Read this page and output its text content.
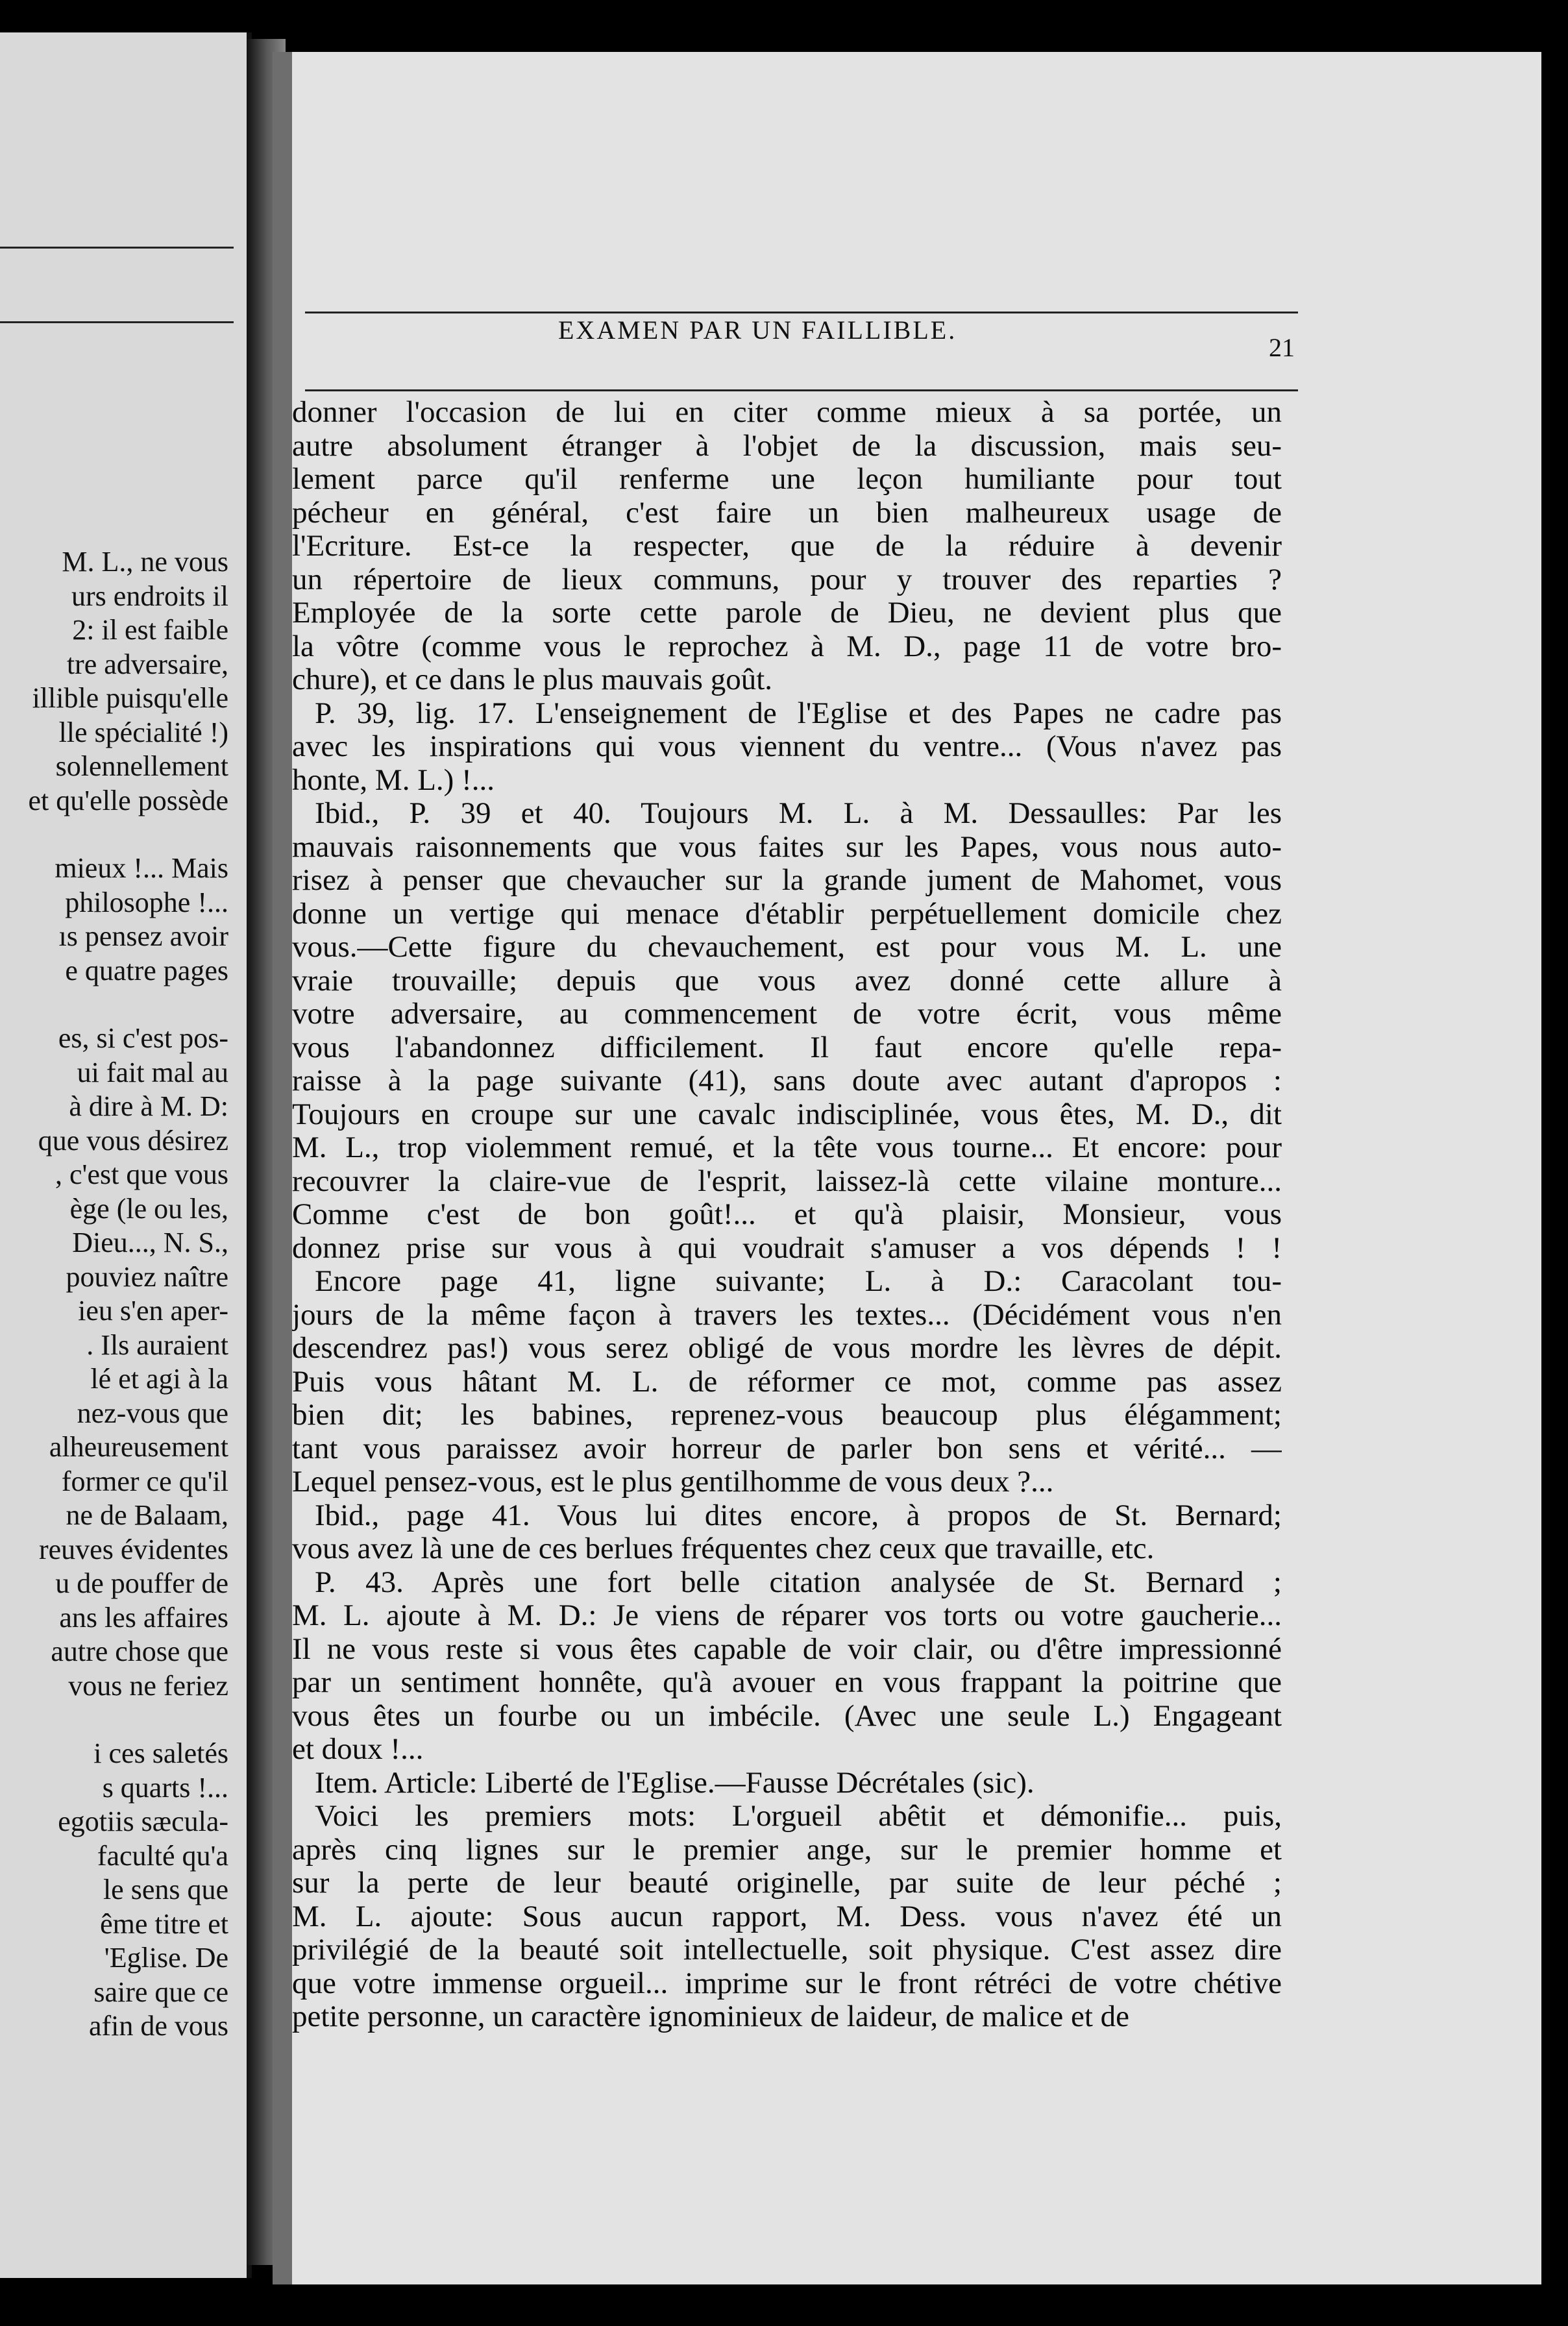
M. L., ne vous
urs endroits il
2: il est faible
tre adversaire,
illible puisqu'elle
lle spécialité !)
solennellement
et qu'elle possède
mieux !... Mais
philosophe !...
ıs pensez avoir
e quatre pages
es, si c'est pos-
ui fait mal au
à dire à M. D:
que vous désirez
, c'est que vous
ège (le ou les,
Dieu..., N. S.,
pouviez naître
ieu s'en aper-
. Ils auraient
lé et agi à la
nez-vous que
alheureusement
former ce qu'il
ne de Balaam,
reuves évidentes
u de pouffer de
ans les affaires
autre chose que
vous ne feriez
i ces saletés
s quarts !...
egotiis sæcula-
faculté qu'a
le sens que
ême titre et
'Eglise. De
saire que ce
afin de vous
EXAMEN PAR UN FAILLIBLE.
21
donner l'occasion de lui en citer comme mieux à sa portée, un
autre absolument étranger à l'objet de la discussion, mais seu-
lement parce qu'il renferme une leçon humiliante pour tout
pécheur en général, c'est faire un bien malheureux usage de
l'Ecriture. Est-ce la respecter, que de la réduire à devenir
un répertoire de lieux communs, pour y trouver des reparties ?
Employée de la sorte cette parole de Dieu, ne devient plus que
la vôtre (comme vous le reprochez à M. D., page 11 de votre bro-
chure), et ce dans le plus mauvais goût.
P. 39, lig. 17. L'enseignement de l'Eglise et des Papes ne cadre pas
avec les inspirations qui vous viennent du ventre... (Vous n'avez pas
honte, M. L.) !...
Ibid., P. 39 et 40. Toujours M. L. à M. Dessaulles: Par les
mauvais raisonnements que vous faites sur les Papes, vous nous auto-
risez à penser que chevaucher sur la grande jument de Mahomet, vous
donne un vertige qui menace d'établir perpétuellement domicile chez
vous.—Cette figure du chevauchement, est pour vous M. L. une
vraie trouvaille; depuis que vous avez donné cette allure à
votre adversaire, au commencement de votre écrit, vous même
vous l'abandonnez difficilement. Il faut encore qu'elle repa-
raisse à la page suivante (41), sans doute avec autant d'apropos :
Toujours en croupe sur une cavalc indisciplinée, vous êtes, M. D., dit
M. L., trop violemment remué, et la tête vous tourne... Et encore: pour
recouvrer la claire-vue de l'esprit, laissez-là cette vilaine monture...
Comme c'est de bon goût!... et qu'à plaisir, Monsieur, vous
donnez prise sur vous à qui voudrait s'amuser a vos dépends ! !
Encore page 41, ligne suivante; L. à D.: Caracolant tou-
jours de la même façon à travers les textes... (Décidément vous n'en
descendrez pas!) vous serez obligé de vous mordre les lèvres de dépit.
Puis vous hâtant M. L. de réformer ce mot, comme pas assez
bien dit; les babines, reprenez-vous beaucoup plus élégamment;
tant vous paraissez avoir horreur de parler bon sens et vérité... —
Lequel pensez-vous, est le plus gentilhomme de vous deux ?...
Ibid., page 41. Vous lui dites encore, à propos de St. Bernard;
vous avez là une de ces berlues fréquentes chez ceux que travaille, etc.
P. 43. Après une fort belle citation analysée de St. Bernard ;
M. L. ajoute à M. D.: Je viens de réparer vos torts ou votre gaucherie...
Il ne vous reste si vous êtes capable de voir clair, ou d'être impressionné
par un sentiment honnête, qu'à avouer en vous frappant la poitrine que
vous êtes un fourbe ou un imbécile. (Avec une seule L.) Engageant
et doux !...
Item. Article: Liberté de l'Eglise.—Fausse Décrétales (sic).
Voici les premiers mots: L'orgueil abêtit et démonifie... puis,
après cinq lignes sur le premier ange, sur le premier homme et
sur la perte de leur beauté originelle, par suite de leur péché ;
M. L. ajoute: Sous aucun rapport, M. Dess. vous n'avez été un
privilégié de la beauté soit intellectuelle, soit physique. C'est assez dire
que votre immense orgueil... imprime sur le front rétréci de votre chétive
petite personne, un caractère ignominieux de laideur, de malice et de
